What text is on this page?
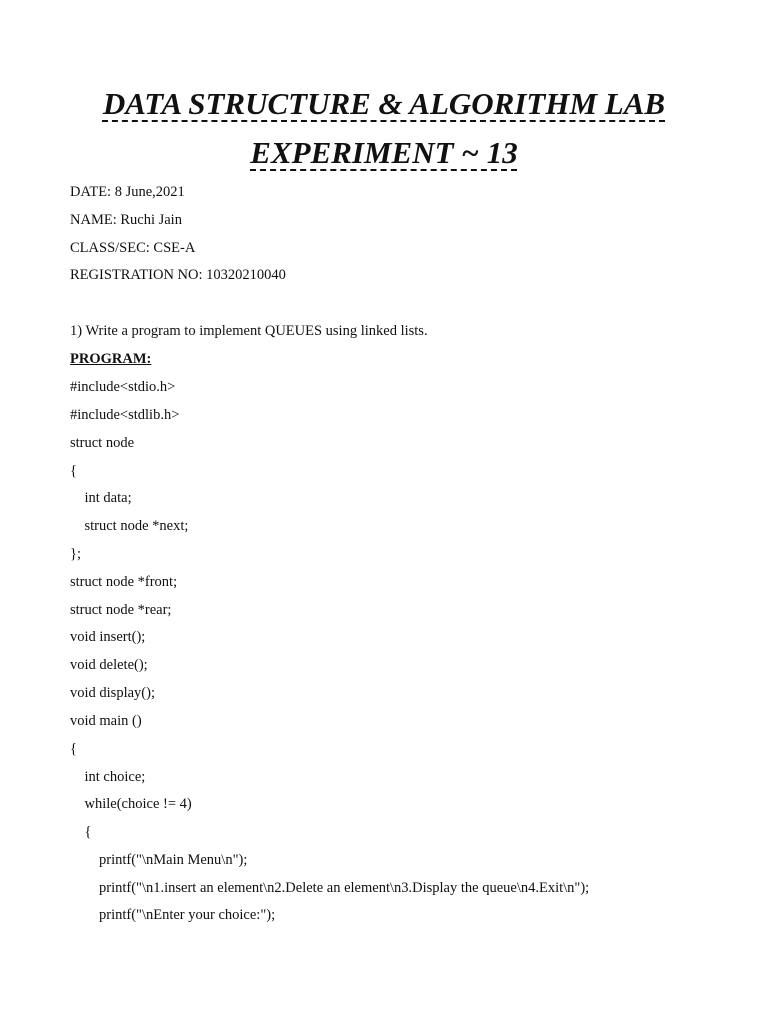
DATA STRUCTURE & ALGORITHM LAB
EXPERIMENT ~ 13

DATE: 8 June,2021

NAME: Ruchi Jain

CLASS/SEC: CSE-A

REGISTRATION NO: 10320210040

1) Write a program to implement QUEUES using linked lists.

PROGRAM:

#include<stdio.h>

#include<stdlib.h>

struct node

{

int data;

struct node *next;

};

struct node *front;

struct node *rear;

void insert();

void delete();

void display();

void main ()

{

int choice;

while(choice != 4)

{

printf("\nMain Menu\n");

printf("\n1.insert an element\n2.Delete an element\n3.Display the queue\n4.Exit\n");

printf("\nEnter your choice:");
